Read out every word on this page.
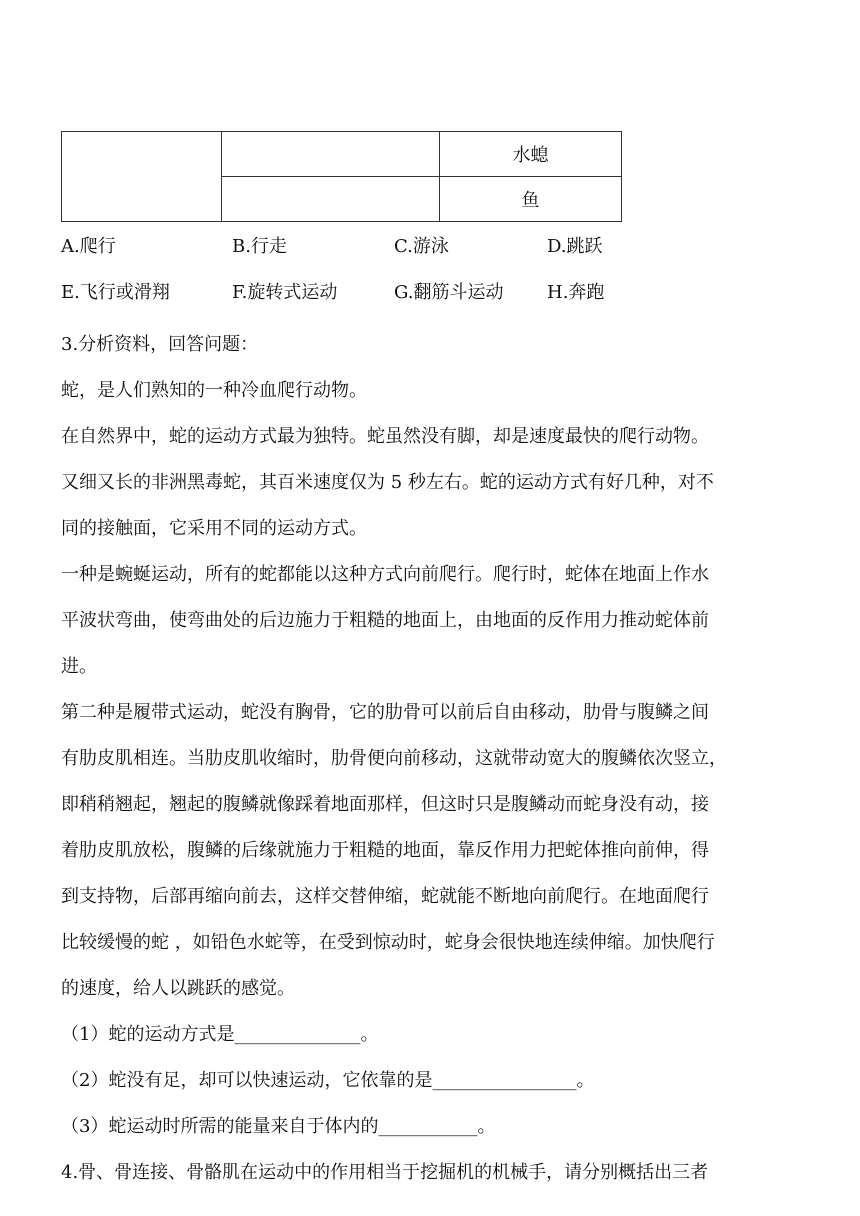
		水螅
		鱼
A.爬行	B.行走	C.游泳	D.跳跃
E.飞行或滑翔	F.旋转式运动	G.翻筋斗运动 H.奔跑

3.分析资料，回答问题：

蛇，是人们熟知的一种冷血爬行动物。

在自然界中，蛇的运动方式最为独特。蛇虽然没有脚，却是速度最快的爬行动物。

又细又长的非洲黑毒蛇，其百米速度仅为 5 秒左右。蛇的运动方式有好几种，对不

同的接触面，它采用不同的运动方式。

一种是蜿蜒运动，所有的蛇都能以这种方式向前爬行。爬行时，蛇体在地面上作水

平波状弯曲，使弯曲处的后边施力于粗糙的地面上，由地面的反作用力推动蛇体前

进。

第二种是履带式运动，蛇没有胸骨，它的肋骨可以前后自由移动，肋骨与腹鳞之间

有肋皮肌相连。当肋皮肌收缩时，肋骨便向前移动，这就带动宽大的腹鳞依次竖立，

即稍稍翘起，翘起的腹鳞就像踩着地面那样，但这时只是腹鳞动而蛇身没有动，接

着肋皮肌放松，腹鳞的后缘就施力于粗糙的地面，靠反作用力把蛇体推向前伸，得

到支持物，后部再缩向前去，这样交替伸缩，蛇就能不断地向前爬行。在地面爬行

比较缓慢的蛇 ，如铅色水蛇等，在受到惊动时，蛇身会很快地连续伸缩。加快爬行

的速度，给人以跳跃的感觉。

（1）蛇的运动方式是______________。

（2）蛇没有足，却可以快速运动，它依靠的是________________。

（3）蛇运动时所需的能量来自于体内的___________。

4.骨、骨连接、骨骼肌在运动中的作用相当于挖掘机的机械手，请分别概括出三者
